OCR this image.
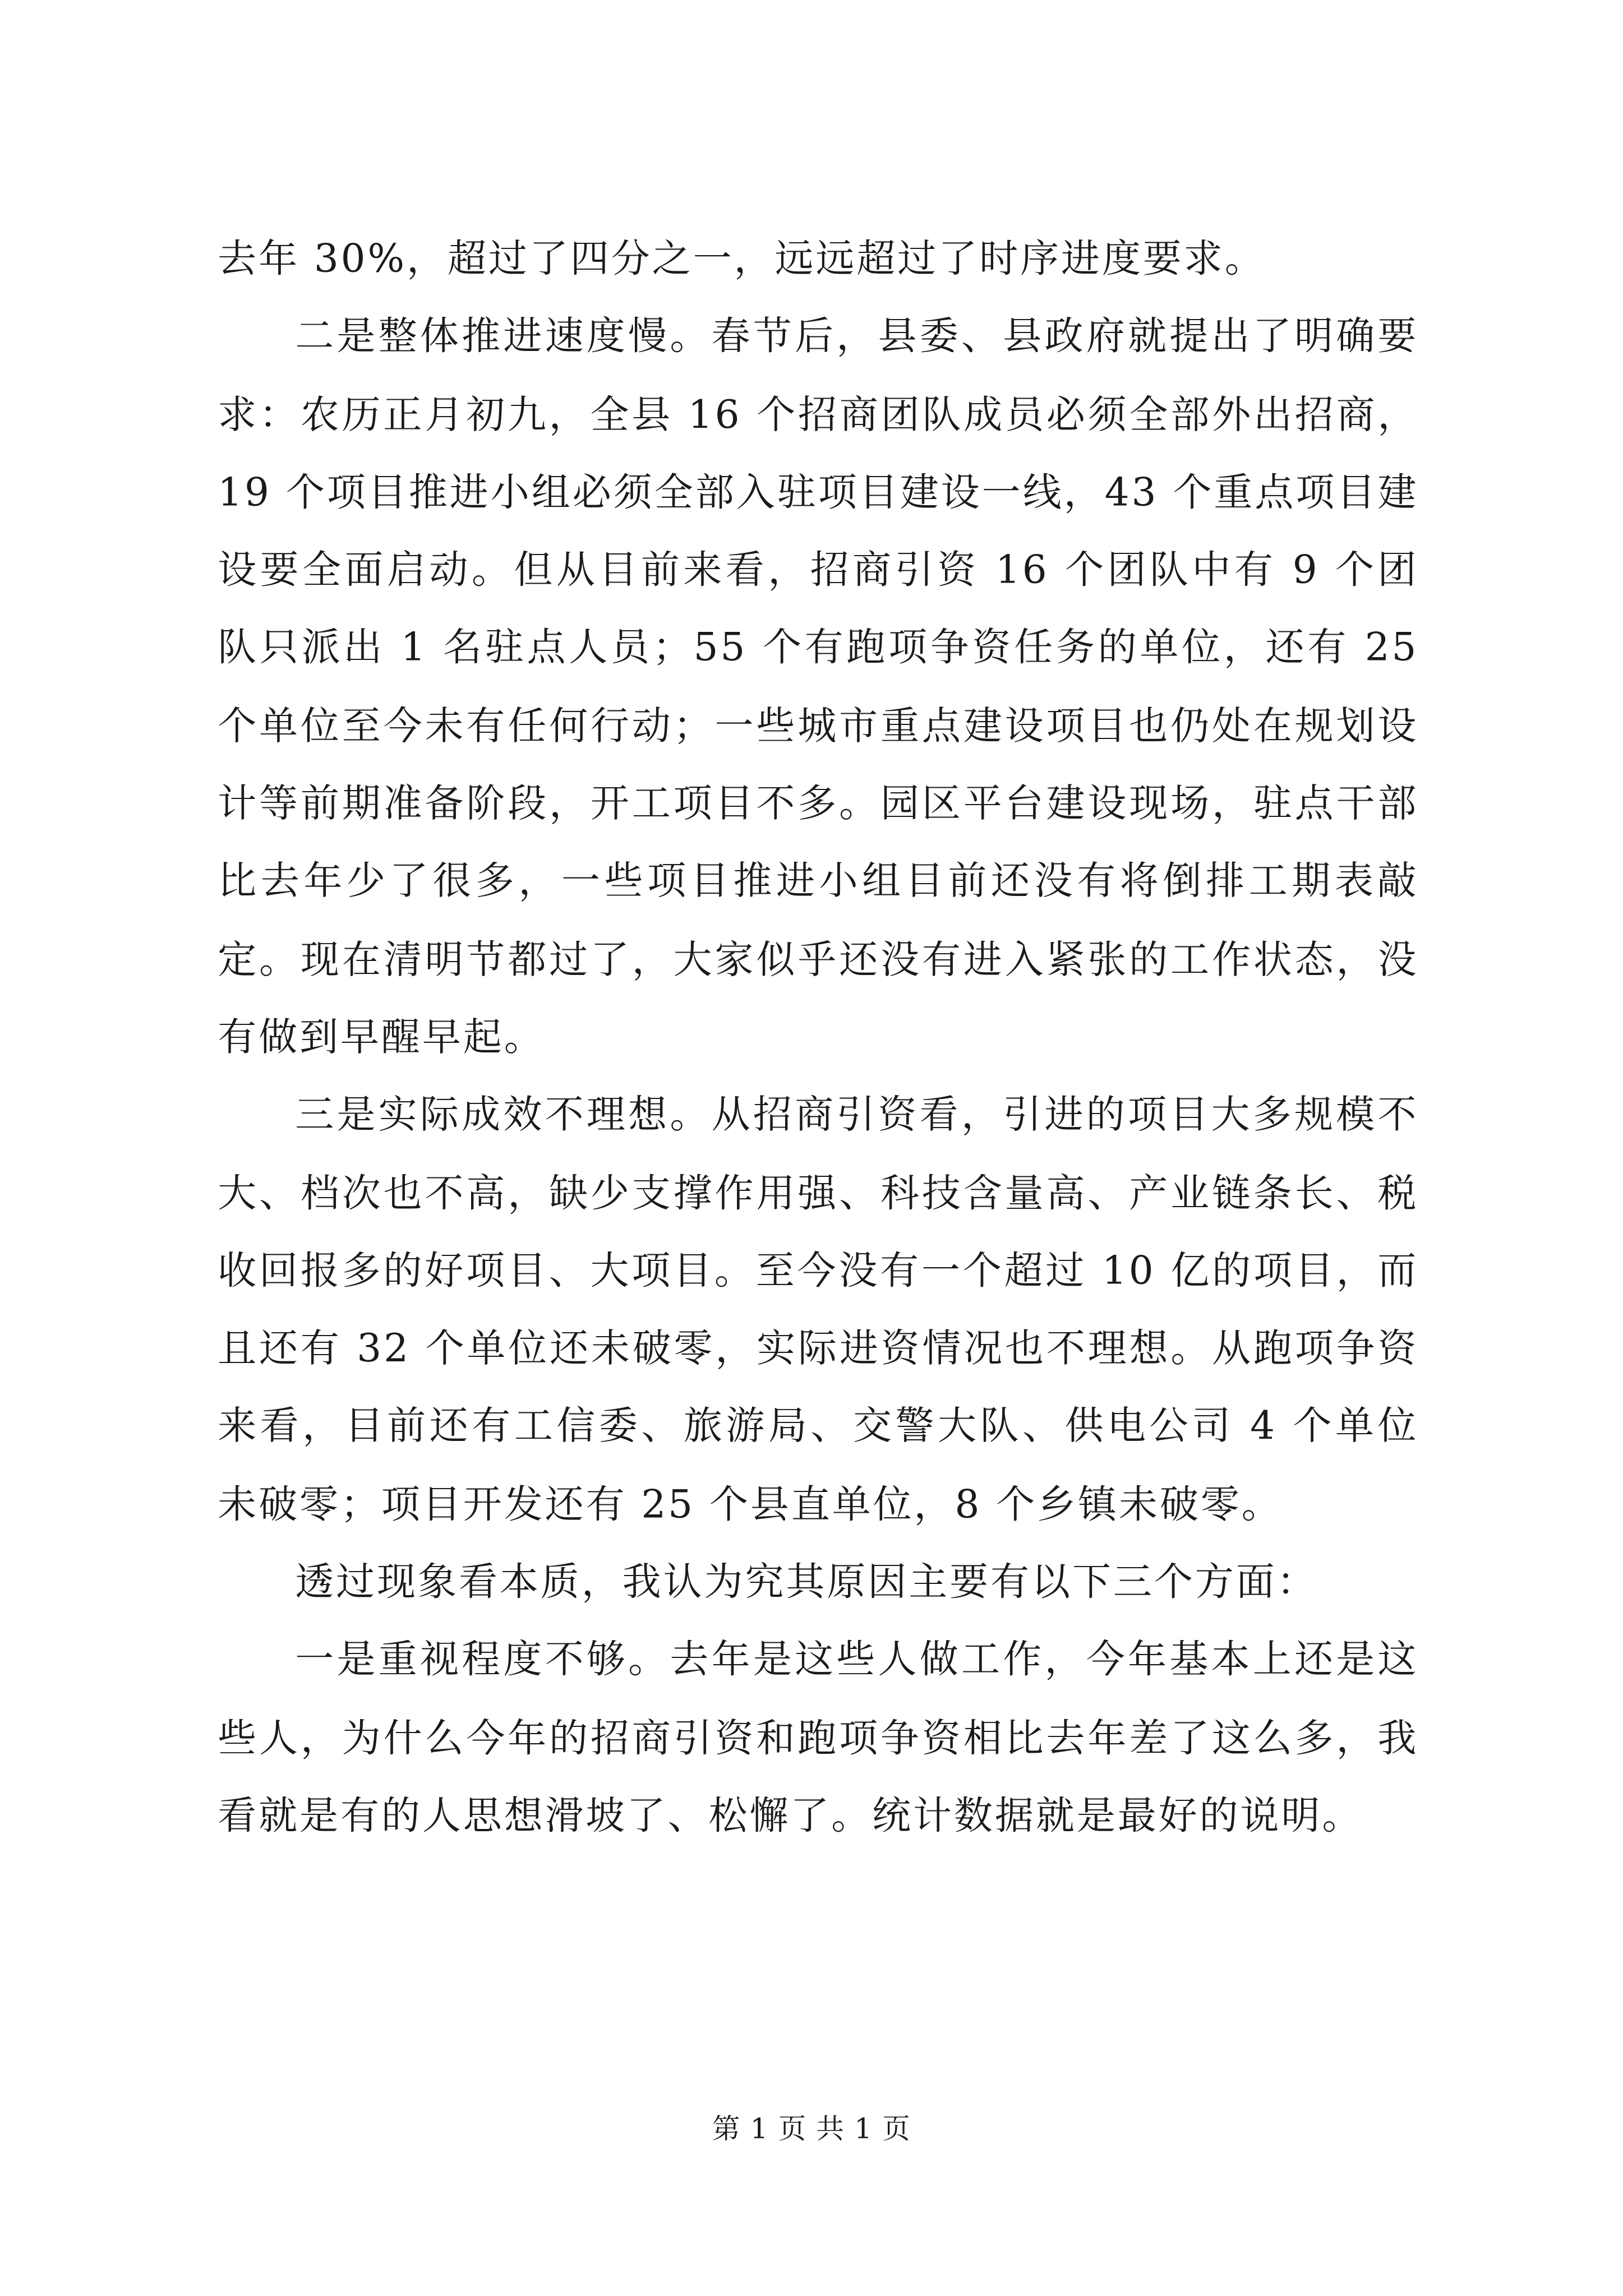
去年 30%，超过了四分之一，远远超过了时序进度要求。

二是整体推进速度慢。春节后，县委、县政府就提出了明确要求：农历正月初九，全县 16 个招商团队成员必须全部外出招商，19 个项目推进小组必须全部入驻项目建设一线，43 个重点项目建设要全面启动。但从目前来看，招商引资 16 个团队中有 9 个团队只派出 1 名驻点人员；55 个有跑项争资任务的单位，还有 25 个单位至今未有任何行动；一些城市重点建设项目也仍处在规划设计等前期准备阶段，开工项目不多。园区平台建设现场，驻点干部比去年少了很多，一些项目推进小组目前还没有将倒排工期表敲定。现在清明节都过了，大家似乎还没有进入紧张的工作状态，没有做到早醒早起。

三是实际成效不理想。从招商引资看，引进的项目大多规模不大、档次也不高，缺少支撑作用强、科技含量高、产业链条长、税收回报多的好项目、大项目。至今没有一个超过 10 亿的项目，而且还有 32 个单位还未破零，实际进资情况也不理想。从跑项争资来看，目前还有工信委、旅游局、交警大队、供电公司 4 个单位未破零；项目开发还有 25 个县直单位，8 个乡镇未破零。

透过现象看本质，我认为究其原因主要有以下三个方面：

一是重视程度不够。去年是这些人做工作，今年基本上还是这些人，为什么今年的招商引资和跑项争资相比去年差了这么多，我看就是有的人思想滑坡了、松懈了。统计数据就是最好的说明。

第 1 页 共 1 页
